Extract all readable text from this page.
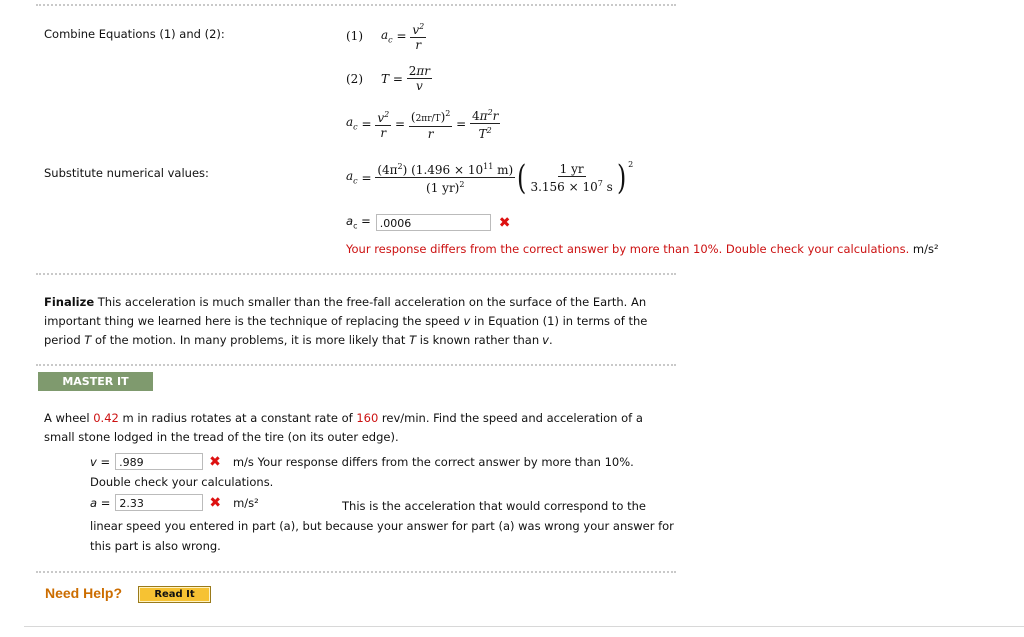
Combine Equations (1) and (2):	(1) $a_c = \frac{v^2}{r}$
(2) $T = \frac{2\pi r}{v}$
$a_c = \frac{v^2}{r} = \frac{(2\pi r/T)^2}{r} = \frac{4\pi^2r}{T^2}$
Substitute numerical values:	$a_c = \frac{(4\pi^2) (1.496 \times 10^{11} m)}{(1 yr)^2}$ ( $\frac{1 yr}{3.156 \times 10^7 s} )^2$
$a_c = .0006$	✖
Your response differs from the correct answer by more than 10%. Double check your calculations. m/s²
Finalize This acceleration is much smaller than the free-fall acceleration on the surface of the Earth. An important thing we learned here is the technique of replacing the speed v in Equation (1) in terms of the period T of the motion. In many problems, it is more likely that T is known rather than v.
MASTER IT
A wheel 0.42 m in radius rotates at a constant rate of 160 rev/min. Find the speed and acceleration of a small stone lodged in the tread of the tire (on its outer edge).
v = .989	✖ m/s Your response differs from the correct answer by more than 10%.
Double check your calculations.
a = 2.33	✖ m/s²	This is the acceleration that would correspond to the linear speed you entered in part (a), but because your answer for part (a) was wrong your answer for this part is also wrong.
Need Help?	Read It
